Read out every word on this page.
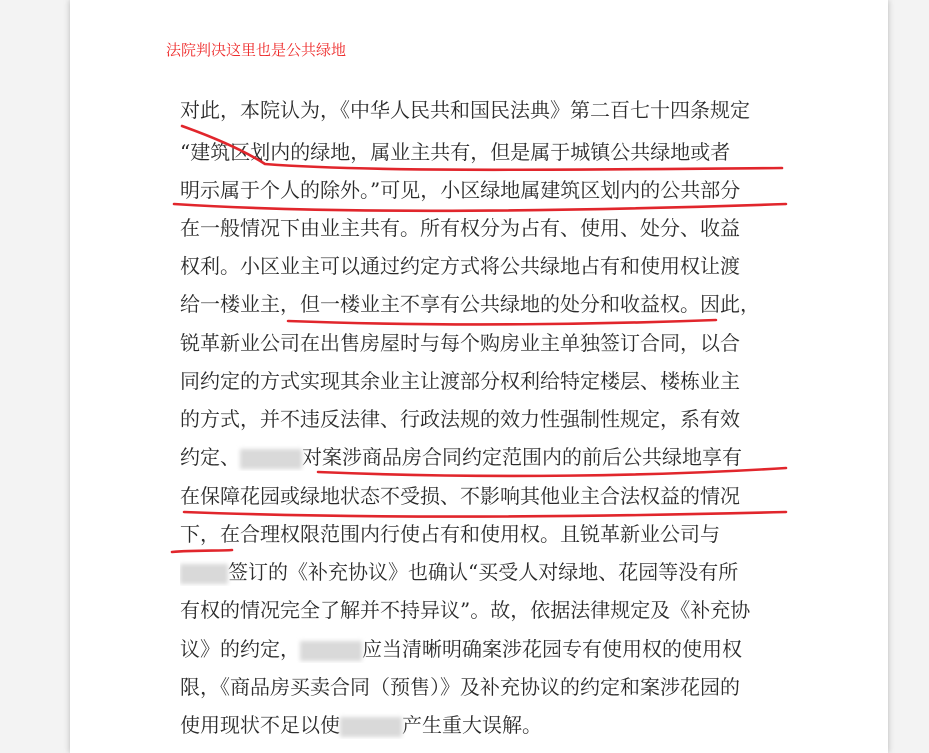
法院判决这里也是公共绿地
对此，本院认为，《中华人民共和国民法典》第二百七十四条规定
“建筑区划内的绿地，属业主共有，但是属于城镇公共绿地或者
明示属于个人的除外。”可见，小区绿地属建筑区划内的公共部分
在一般情况下由业主共有。所有权分为占有、使用、处分、收益
权利。小区业主可以通过约定方式将公共绿地占有和使用权让渡
给一楼业主，但一楼业主不享有公共绿地的处分和收益权。因此，
锐革新业公司在出售房屋时与每个购房业主单独签订合同，以合
同约定的方式实现其余业主让渡部分权利给特定楼层、楼栋业主
的方式，并不违反法律、行政法规的效力性强制性规定，系有效
约定、	对案涉商品房合同约定范围内的前后公共绿地享有
在保障花园或绿地状态不受损、不影响其他业主合法权益的情况
下，在合理权限范围内行使占有和使用权。且锐革新业公司与
签订的《补充协议》也确认“买受人对绿地、花园等没有所
有权的情况完全了解并不持异议”。故，依据法律规定及《补充协
议》的约定，	应当清晰明确案涉花园专有使用权的使用权
限，《商品房买卖合同（预售）》及补充协议的约定和案涉花园的
使用现状不足以使	产生重大误解。
